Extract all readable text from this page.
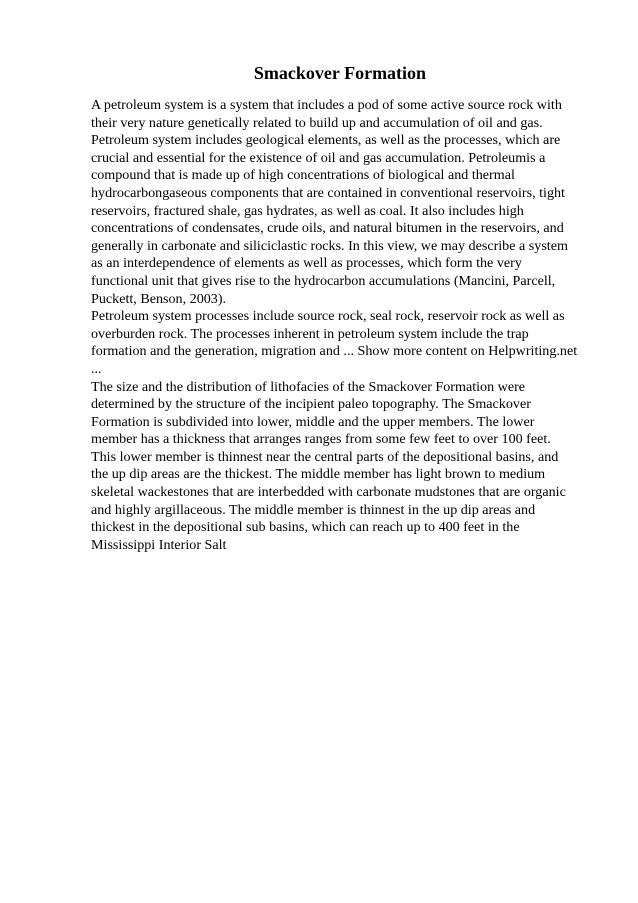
Smackover Formation
A petroleum system is a system that includes a pod of some active source rock with
their very nature genetically related to build up and accumulation of oil and gas.
Petroleum system includes geological elements, as well as the processes, which are
crucial and essential for the existence of oil and gas accumulation. Petroleumis a
compound that is made up of high concentrations of biological and thermal
hydrocarbongaseous components that are contained in conventional reservoirs, tight
reservoirs, fractured shale, gas hydrates, as well as coal. It also includes high
concentrations of condensates, crude oils, and natural bitumen in the reservoirs, and
generally in carbonate and siliciclastic rocks. In this view, we may describe a system
as an interdependence of elements as well as processes, which form the very
functional unit that gives rise to the hydrocarbon accumulations (Mancini, Parcell,
Puckett, Benson, 2003).
Petroleum system processes include source rock, seal rock, reservoir rock as well as
overburden rock. The processes inherent in petroleum system include the trap
formation and the generation, migration and ... Show more content on Helpwriting.net
...
The size and the distribution of lithofacies of the Smackover Formation were
determined by the structure of the incipient paleo topography. The Smackover
Formation is subdivided into lower, middle and the upper members. The lower
member has a thickness that arranges ranges from some few feet to over 100 feet.
This lower member is thinnest near the central parts of the depositional basins, and
the up dip areas are the thickest. The middle member has light brown to medium
skeletal wackestones that are interbedded with carbonate mudstones that are organic
and highly argillaceous. The middle member is thinnest in the up dip areas and
thickest in the depositional sub basins, which can reach up to 400 feet in the
Mississippi Interior Salt
